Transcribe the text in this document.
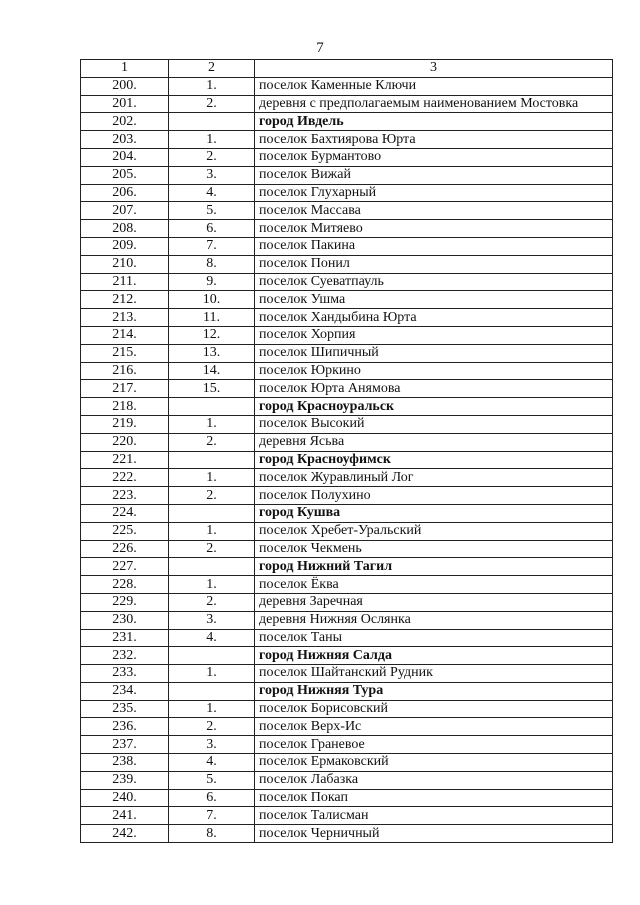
7
1	2	3
200.	1.	поселок Каменные Ключи
201.	2.	деревня с предполагаемым наименованием Мостовка
202.		город Ивдель
203.	1.	поселок Бахтиярова Юрта
204.	2.	поселок Бурмантово
205.	3.	поселок Вижай
206.	4.	поселок Глухарный
207.	5.	поселок Массава
208.	6.	поселок Митяево
209.	7.	поселок Пакина
210.	8.	поселок Понил
211.	9.	поселок Суеватпауль
212.	10.	поселок Ушма
213.	11.	поселок Хандыбина Юрта
214.	12.	поселок Хорпия
215.	13.	поселок Шипичный
216.	14.	поселок Юркино
217.	15.	поселок Юрта Анямова
218.		город Красноуральск
219.	1.	поселок Высокий
220.	2.	деревня Ясьва
221.		город Красноуфимск
222.	1.	поселок Журавлиный Лог
223.	2.	поселок Полухино
224.		город Кушва
225.	1.	поселок Хребет-Уральский
226.	2.	поселок Чекмень
227.		город Нижний Тагил
228.	1.	поселок Ёква
229.	2.	деревня Заречная
230.	3.	деревня Нижняя Ослянка
231.	4.	поселок Таны
232.		город Нижняя Салда
233.	1.	поселок Шайтанский Рудник
234.		город Нижняя Тура
235.	1.	поселок Борисовский
236.	2.	поселок Верх-Ис
237.	3.	поселок Граневое
238.	4.	поселок Ермаковский
239.	5.	поселок Лабазка
240.	6.	поселок Покап
241.	7.	поселок Талисман
242.	8.	поселок Черничный
